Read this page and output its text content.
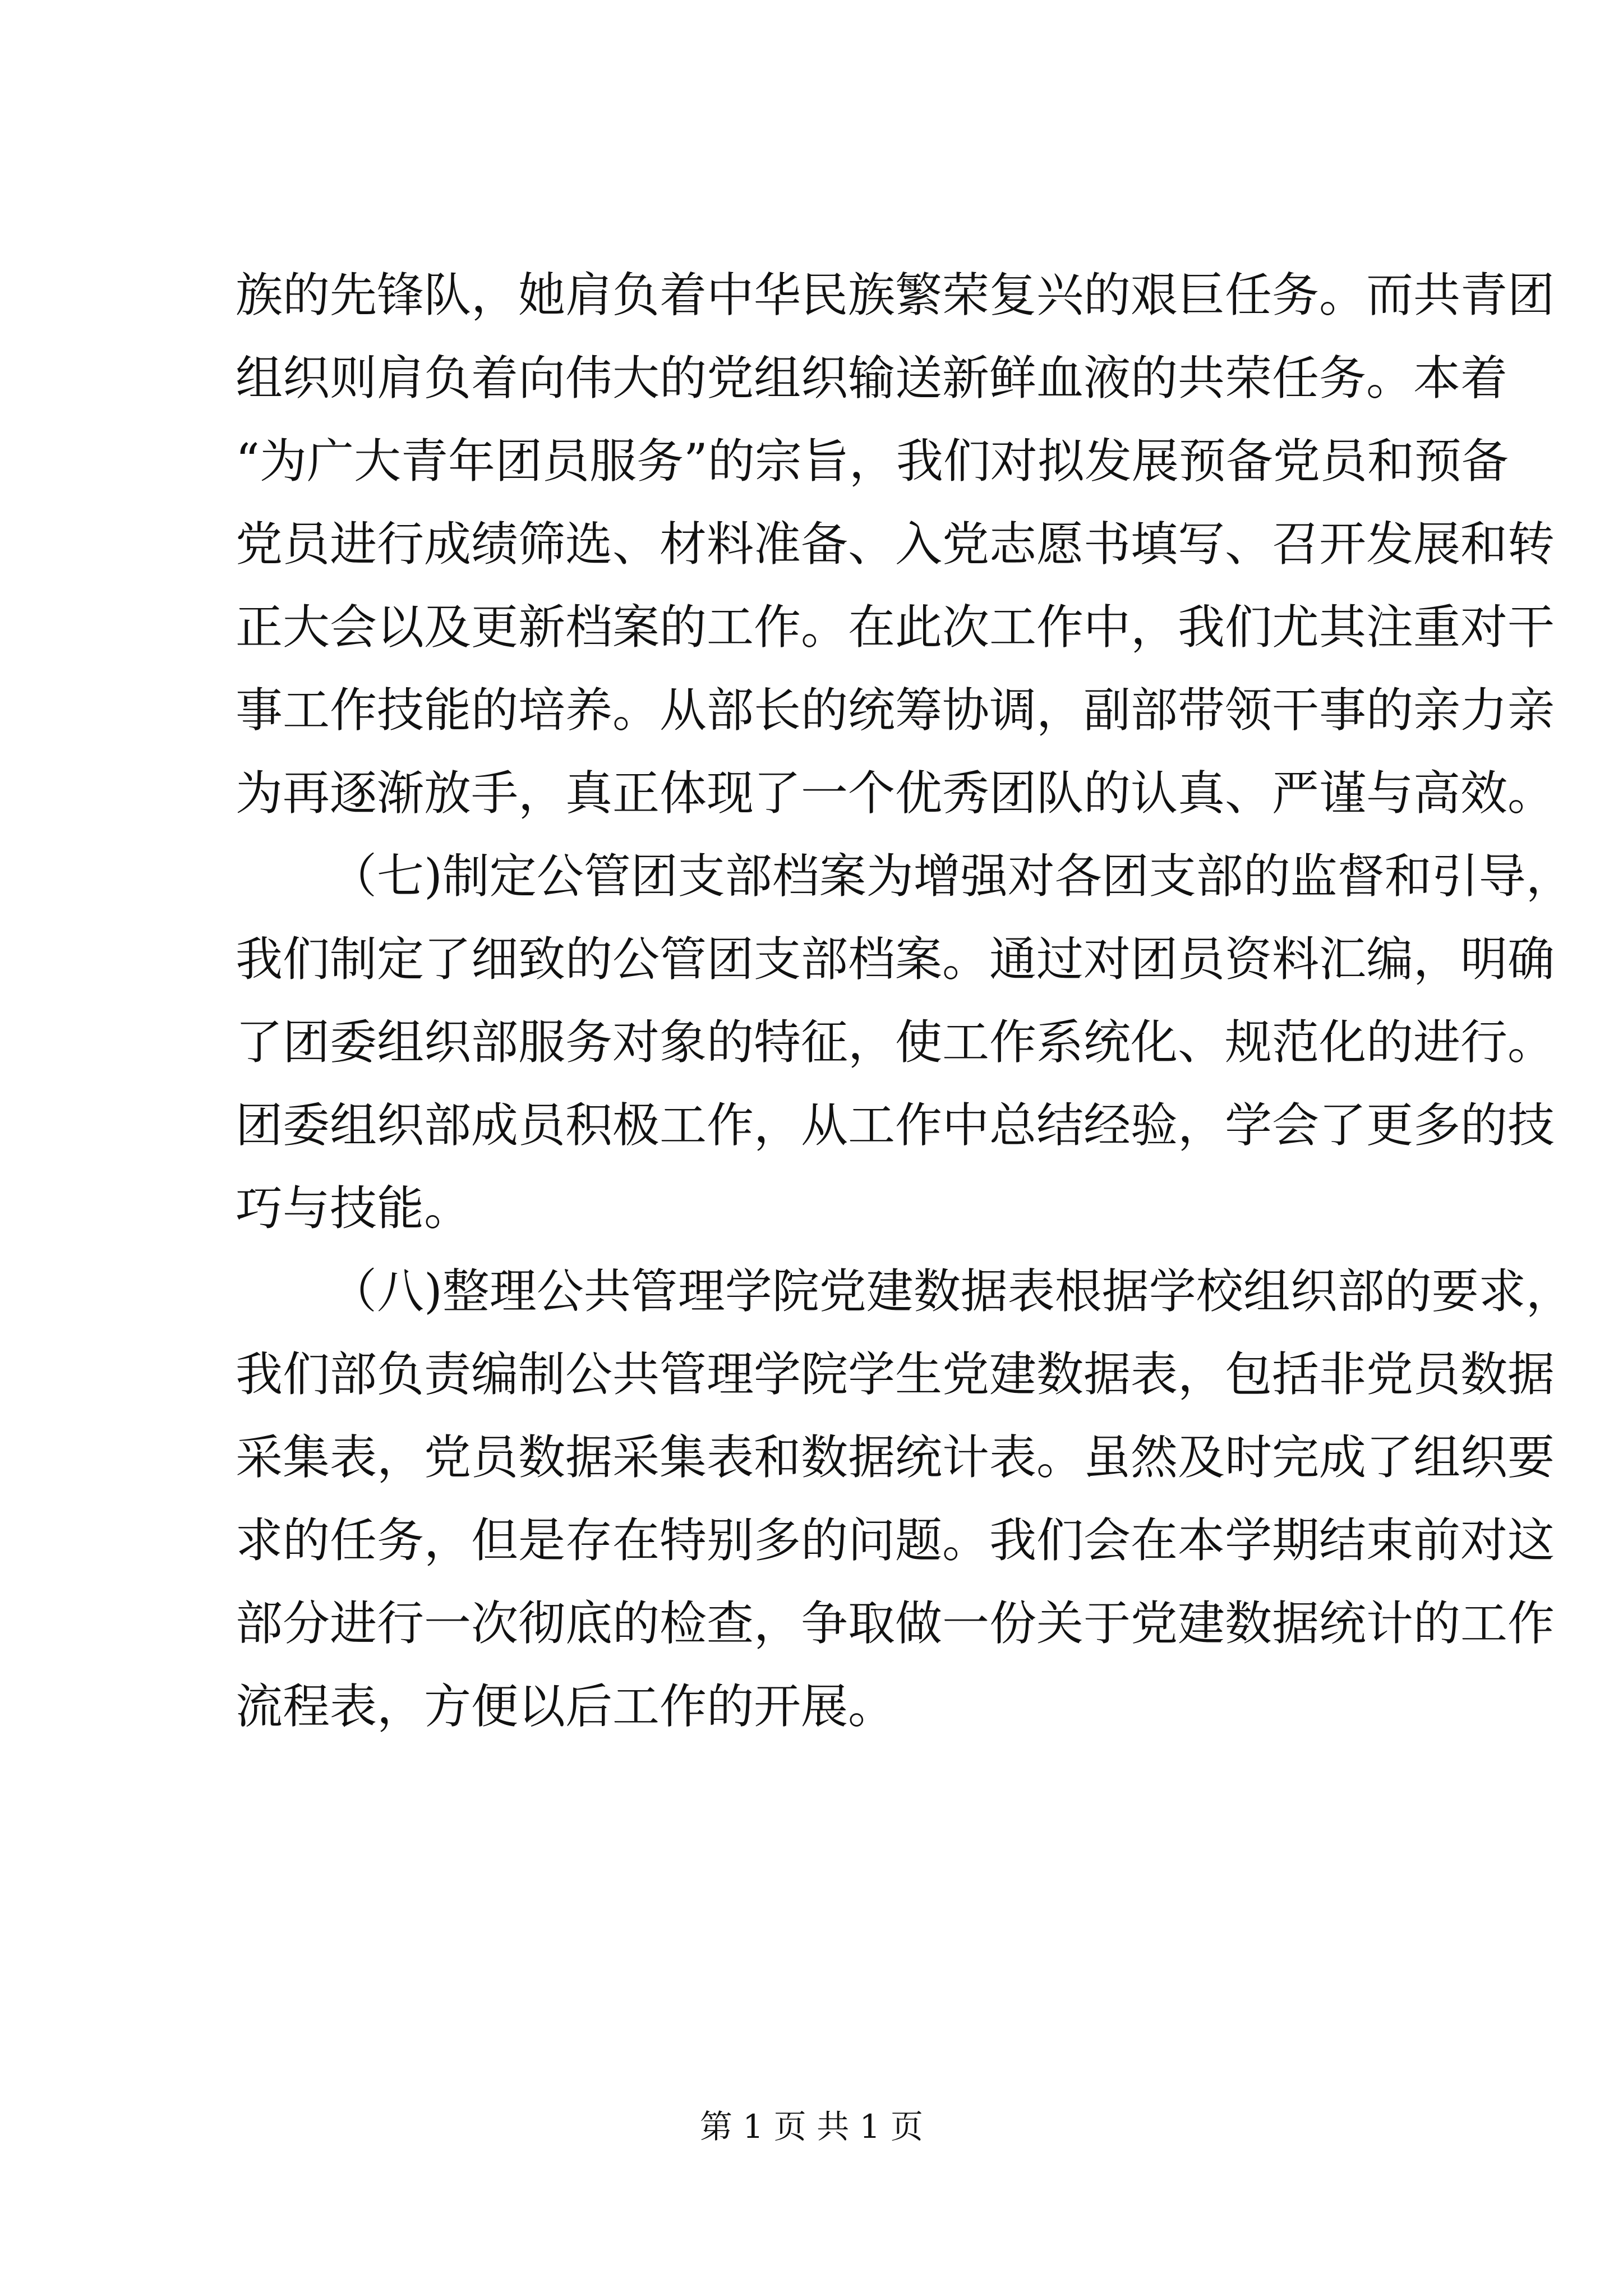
族的先锋队，她肩负着中华民族繁荣复兴的艰巨任务。而共青团
组织则肩负着向伟大的党组织输送新鲜血液的共荣任务。本着
“为广大青年团员服务”的宗旨，我们对拟发展预备党员和预备
党员进行成绩筛选、材料准备、入党志愿书填写、召开发展和转
正大会以及更新档案的工作。在此次工作中，我们尤其注重对干
事工作技能的培养。从部长的统筹协调，副部带领干事的亲力亲
为再逐渐放手，真正体现了一个优秀团队的认真、严谨与高效。
（七)制定公管团支部档案为增强对各团支部的监督和引导，
我们制定了细致的公管团支部档案。通过对团员资料汇编，明确
了团委组织部服务对象的特征，使工作系统化、规范化的进行。
团委组织部成员积极工作，从工作中总结经验，学会了更多的技
巧与技能。
（八)整理公共管理学院党建数据表根据学校组织部的要求，
我们部负责编制公共管理学院学生党建数据表，包括非党员数据
采集表，党员数据采集表和数据统计表。虽然及时完成了组织要
求的任务，但是存在特别多的问题。我们会在本学期结束前对这
部分进行一次彻底的检查，争取做一份关于党建数据统计的工作
流程表，方便以后工作的开展。
第 1 页 共 1 页
